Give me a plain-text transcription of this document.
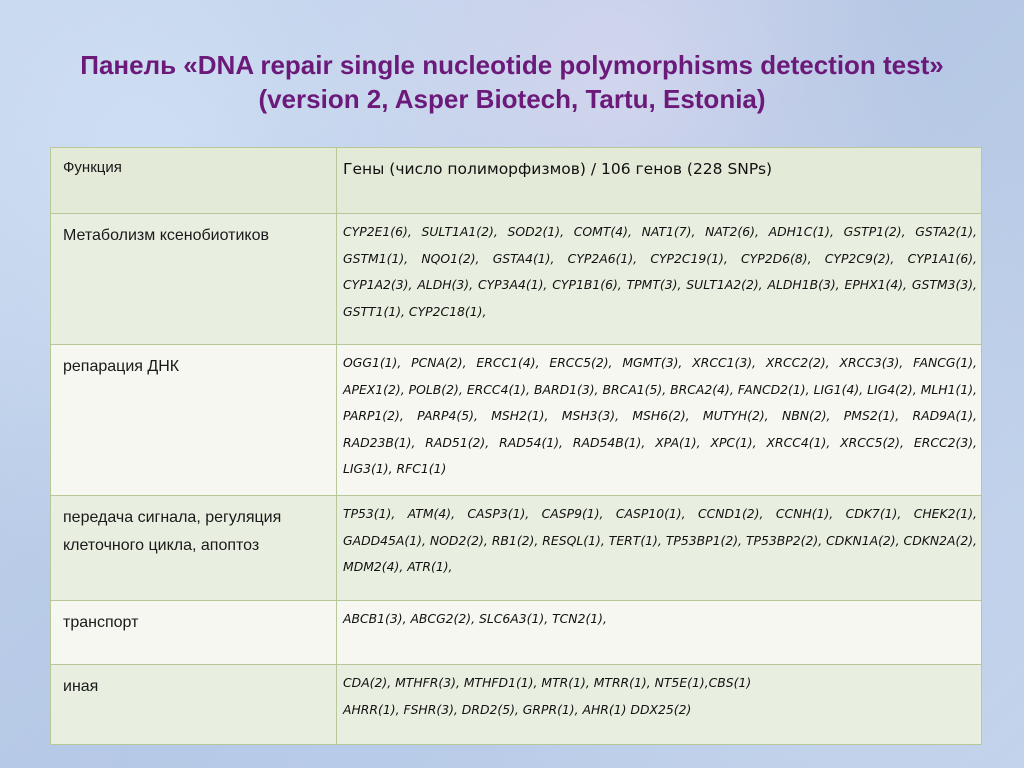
Панель «DNA repair single nucleotide polymorphisms detection test» (version 2, Asper Biotech, Tartu, Estonia)
Функция	Гены (число полиморфизмов) / 106 генов (228 SNPs)
Метаболизм ксенобиотиков	CYP2E1(6), SULT1A1(2), SOD2(1), COMT(4), NAT1(7), NAT2(6), ADH1C(1), GSTP1(2), GSTA2(1), GSTM1(1), NQO1(2), GSTA4(1), CYP2A6(1), CYP2C19(1), CYP2D6(8), CYP2C9(2), CYP1A1(6), CYP1A2(3), ALDH(3), CYP3A4(1), CYP1B1(6), TPMT(3), SULT1A2(2), ALDH1B(3), EPHX1(4), GSTM3(3), GSTT1(1), CYP2C18(1),
репарация ДНК	OGG1(1), PCNA(2), ERCC1(4), ERCC5(2), MGMT(3), XRCC1(3), XRCC2(2), XRCC3(3), FANCG(1), APEX1(2), POLB(2), ERCC4(1), BARD1(3), BRCA1(5), BRCA2(4), FANCD2(1), LIG1(4), LIG4(2), MLH1(1), PARP1(2), PARP4(5), MSH2(1), MSH3(3), MSH6(2), MUTYH(2), NBN(2), PMS2(1), RAD9A(1), RAD23B(1), RAD51(2), RAD54(1), RAD54B(1), XPA(1), XPC(1), XRCC4(1), XRCC5(2), ERCC2(3), LIG3(1), RFC1(1)
передача сигнала, регуляция клеточного цикла, апоптоз	TP53(1), ATM(4), CASP3(1), CASP9(1), CASP10(1), CCND1(2), CCNH(1), CDK7(1), CHEK2(1), GADD45A(1), NOD2(2), RB1(2), RESQL(1), TERT(1), TP53BP1(2), TP53BP2(2), CDKN1A(2), CDKN2A(2), MDM2(4), ATR(1),
транспорт	ABCB1(3), ABCG2(2), SLC6A3(1), TCN2(1),
иная	CDA(2), MTHFR(3), MTHFD1(1), MTR(1), MTRR(1), NT5E(1),CBS(1)
AHRR(1), FSHR(3), DRD2(5), GRPR(1), AHR(1) DDX25(2)
